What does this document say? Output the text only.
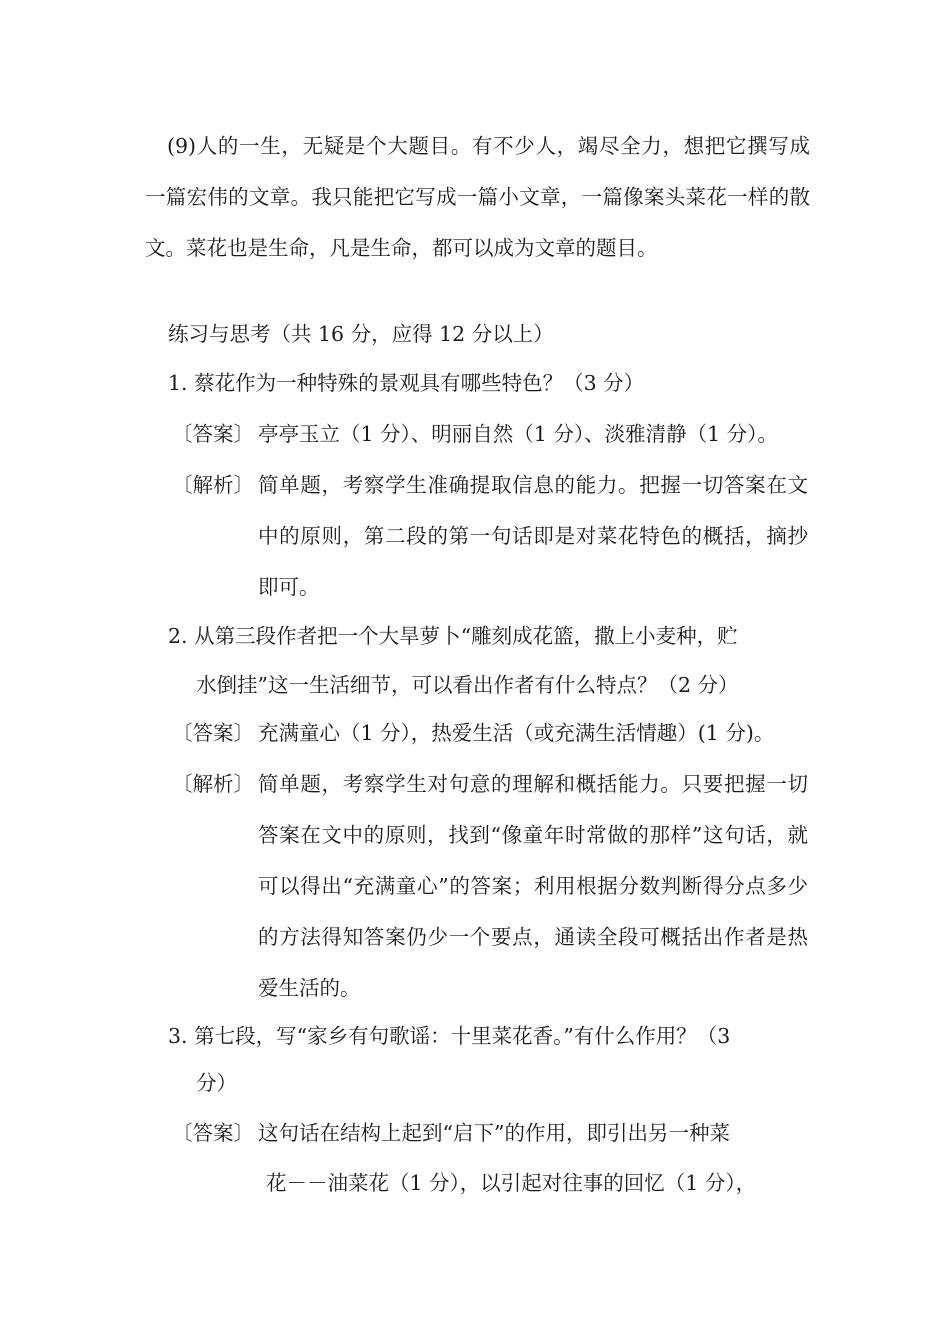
(9)人的一生，无疑是个大题目。有不少人，竭尽全力，想把它撰写成一篇宏伟的文章。我只能把它写成一篇小文章，一篇像案头菜花一样的散文。菜花也是生命，凡是生命，都可以成为文章的题目。
练习与思考（共 16 分，应得 12 分以上）
1. 蔡花作为一种特殊的景观具有哪些特色？（3 分）
〔答案〕 亭亭玉立（1 分）、明丽自然（1 分）、淡雅清静（1 分）。
〔解析〕 简单题，考察学生准确提取信息的能力。把握一切答案在文中的原则，第二段的第一句话即是对菜花特色的概括，摘抄即可。
2. 从第三段作者把一个大旱萝卜“雕刻成花篮，撒上小麦种，贮
水倒挂”这一生活细节，可以看出作者有什么特点？（2 分）
〔答案〕 充满童心（1 分），热爱生活（或充满生活情趣）(1 分)。
〔解析〕 简单题，考察学生对句意的理解和概括能力。只要把握一切答案在文中的原则，找到“像童年时常做的那样”这句话，就可以得出“充满童心”的答案；利用根据分数判断得分点多少的方法得知答案仍少一个要点，通读全段可概括出作者是热爱生活的。
3. 第七段，写“家乡有句歌谣：十里菜花香。”有什么作用？（3
分）
〔答案〕 这句话在结构上起到“启下”的作用，即引出另一种菜
花－－油菜花（1 分），以引起对往事的回忆（1 分），
